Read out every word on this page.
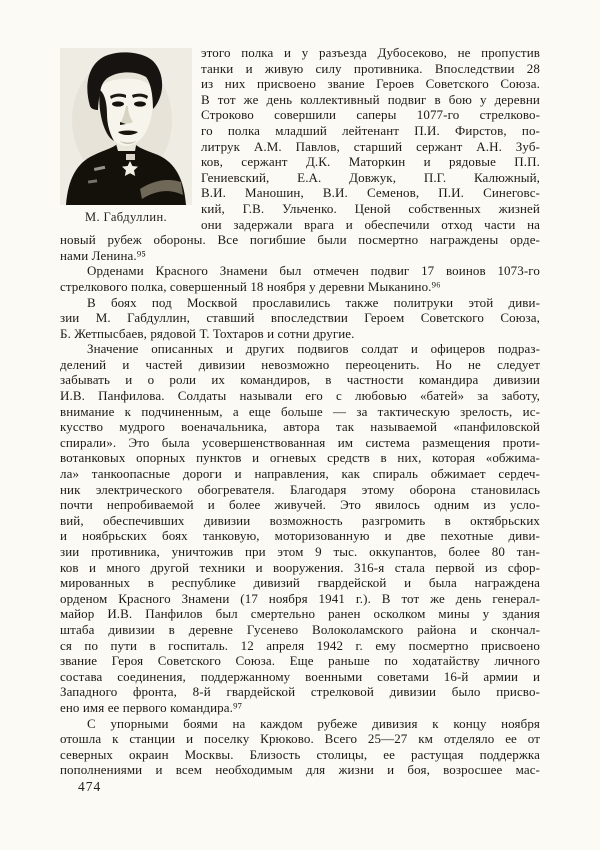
М. Габдуллин.
этого полка и у разъезда Дубосеково, не пропустив
танки и живую силу противника. Впоследствии 28
из них присвоено звание Героев Советского Союза.
В тот же день коллективный подвиг в бою у деревни
Строково совершили саперы 1077-го стрелково-
го полка младший лейтенант П.И. Фирстов, по-
литрук А.М. Павлов, старший сержант А.Н. Зуб-
ков, сержант Д.К. Маторкин и рядовые П.П.
Гениевский, Е.А. Довжук, П.Г. Калюжный,
В.И. Маношин, В.И. Семенов, П.И. Синеговс-
кий, Г.В. Ульченко. Ценой собственных жизней
они задержали врага и обеспечили отход части на
новый рубеж обороны. Все погибшие были посмертно награждены орде-
нами Ленина.⁹⁵
Орденами Красного Знамени был отмечен подвиг 17 воинов 1073-го
стрелкового полка, совершенный 18 ноября у деревни Мыканино.⁹⁶
В боях под Москвой прославились также политруки этой диви-
зии М. Габдуллин, ставший впоследствии Героем Советского Союза,
Б. Жетпысбаев, рядовой Т. Тохтаров и сотни другие.
Значение описанных и других подвигов солдат и офицеров подраз-
делений и частей дивизии невозможно переоценить. Но не следует
забывать и о роли их командиров, в частности командира дивизии
И.В. Панфилова. Солдаты называли его с любовью «батей» за заботу,
внимание к подчиненным, а еще больше — за тактическую зрелость, ис-
кусство мудрого военачальника, автора так называемой «панфиловской
спирали». Это была усовершенствованная им система размещения проти-
вотанковых опорных пунктов и огневых средств в них, которая «обжима-
ла» танкоопасные дороги и направления, как спираль обжимает сердеч-
ник электрического обогревателя. Благодаря этому оборона становилась
почти непробиваемой и более живучей. Это явилось одним из усло-
вий, обеспечивших дивизии возможность разгромить в октябрьских
и ноябрьских боях танковую, моторизованную и две пехотные диви-
зии противника, уничтожив при этом 9 тыс. оккупантов, более 80 тан-
ков и много другой техники и вооружения. 316-я стала первой из сфор-
мированных в республике дивизий гвардейской и была награждена
орденом Красного Знамени (17 ноября 1941 г.). В тот же день генерал-
майор И.В. Панфилов был смертельно ранен осколком мины у здания
штаба дивизии в деревне Гусенево Волоколамского района и скончал-
ся по пути в госпиталь. 12 апреля 1942 г. ему посмертно присвоено
звание Героя Советского Союза. Еще раньше по ходатайству личного
состава соединения, поддержанному военными советами 16-й армии и
Западного фронта, 8-й гвардейской стрелковой дивизии было присво-
ено имя ее первого командира.⁹⁷
С упорными боями на каждом рубеже дивизия к концу ноября
отошла к станции и поселку Крюково. Всего 25—27 км отделяло ее от
северных окраин Москвы. Близость столицы, ее растущая поддержка
пополнениями и всем необходимым для жизни и боя, возросшее мас-
474
